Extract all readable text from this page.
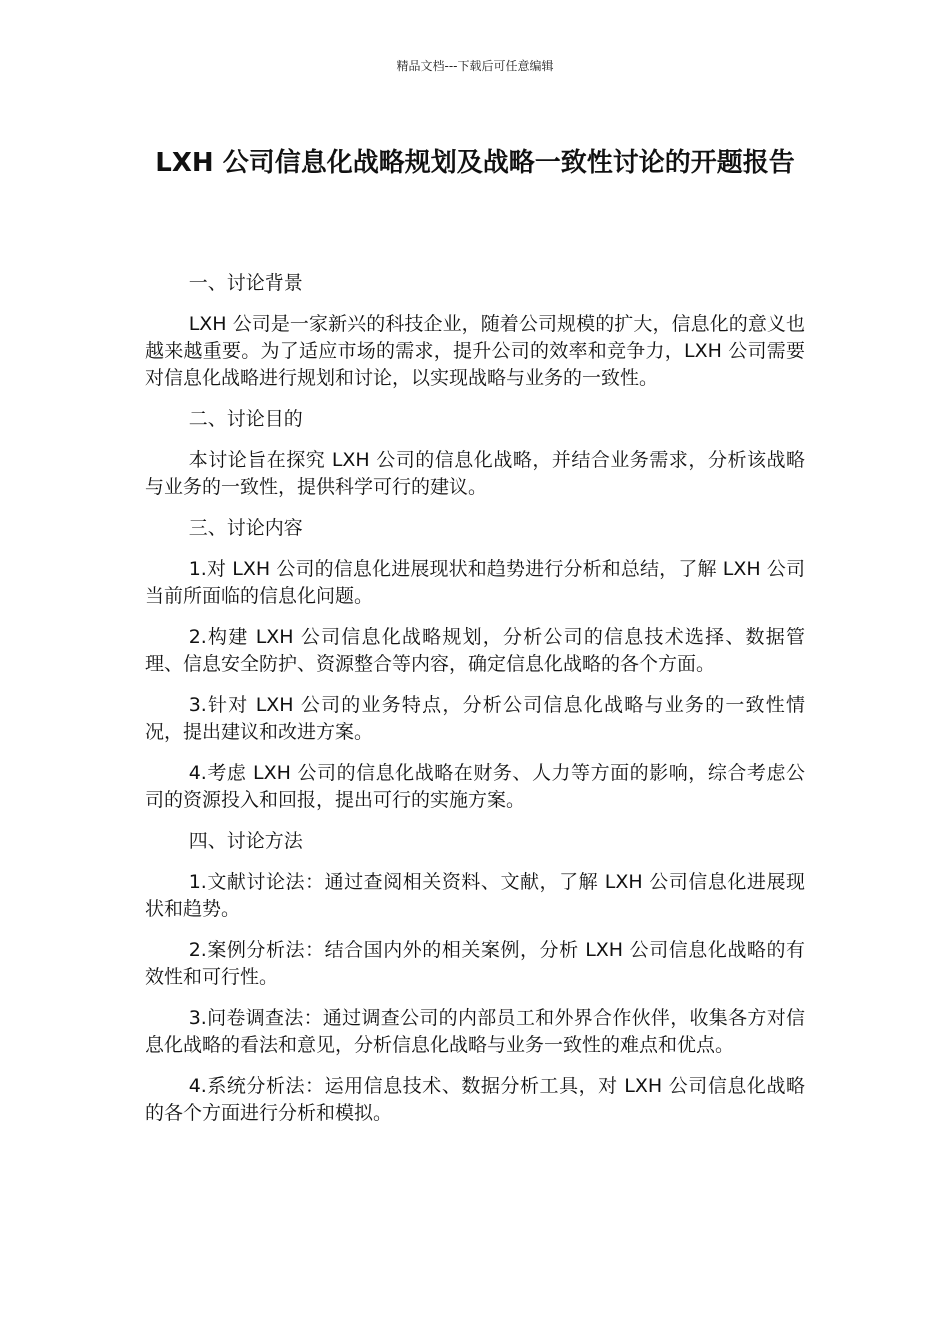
精品文档---下载后可任意编辑
LXH 公司信息化战略规划及战略一致性讨论的开题报告

一、讨论背景

LXH 公司是一家新兴的科技企业，随着公司规模的扩大，信息化的意义也越来越重要。为了适应市场的需求，提升公司的效率和竞争力，LXH 公司需要对信息化战略进行规划和讨论，以实现战略与业务的一致性。

二、讨论目的

本讨论旨在探究 LXH 公司的信息化战略，并结合业务需求，分析该战略与业务的一致性，提供科学可行的建议。

三、讨论内容

1.对 LXH 公司的信息化进展现状和趋势进行分析和总结，了解 LXH 公司当前所面临的信息化问题。

2.构建 LXH 公司信息化战略规划，分析公司的信息技术选择、数据管理、信息安全防护、资源整合等内容，确定信息化战略的各个方面。

3.针对 LXH 公司的业务特点，分析公司信息化战略与业务的一致性情况，提出建议和改进方案。

4.考虑 LXH 公司的信息化战略在财务、人力等方面的影响，综合考虑公司的资源投入和回报，提出可行的实施方案。

四、讨论方法

1.文献讨论法：通过查阅相关资料、文献，了解 LXH 公司信息化进展现状和趋势。

2.案例分析法：结合国内外的相关案例，分析 LXH 公司信息化战略的有效性和可行性。

3.问卷调查法：通过调查公司的内部员工和外界合作伙伴，收集各方对信息化战略的看法和意见，分析信息化战略与业务一致性的难点和优点。

4.系统分析法：运用信息技术、数据分析工具，对 LXH 公司信息化战略的各个方面进行分析和模拟。
